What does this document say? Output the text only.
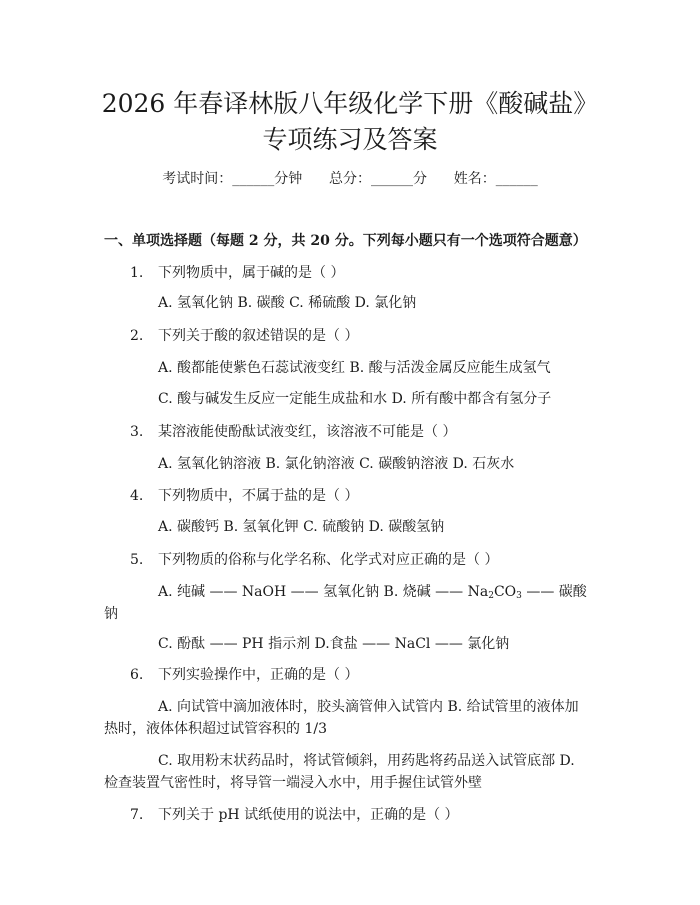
2026 年春译林版八年级化学下册《酸碱盐》
专项练习及答案
考试时间：______分钟      总分：______分      姓名：______
一、单项选择题（每题 2 分，共 20 分。下列每小题只有一个选项符合题意）
1. 下列物质中，属于碱的是（ ）
A. 氢氧化钠 B. 碳酸 C. 稀硫酸 D. 氯化钠
2. 下列关于酸的叙述错误的是（ ）
A. 酸都能使紫色石蕊试液变红 B. 酸与活泼金属反应能生成氢气
C. 酸与碱发生反应一定能生成盐和水 D. 所有酸中都含有氢分子
3. 某溶液能使酚酞试液变红，该溶液不可能是（ ）
A. 氢氧化钠溶液 B. 氯化钠溶液 C. 碳酸钠溶液 D. 石灰水
4. 下列物质中，不属于盐的是（ ）
A. 碳酸钙 B. 氢氧化钾 C. 硫酸钠 D. 碳酸氢钠
5. 下列物质的俗称与化学名称、化学式对应正确的是（ ）
A. 纯碱 —— NaOH —— 氢氧化钠 B. 烧碱 —— $Na_2CO_3$ —— 碳酸
钠
C. 酚酞 —— PH 指示剂 D.食盐 —— NaCl —— 氯化钠
6. 下列实验操作中，正确的是（ ）
A. 向试管中滴加液体时，胶头滴管伸入试管内 B. 给试管里的液体加
热时，液体体积超过试管容积的 1/3
C. 取用粉末状药品时，将试管倾斜，用药匙将药品送入试管底部 D.
检查装置气密性时，将导管一端浸入水中，用手握住试管外壁
7. 下列关于 pH 试纸使用的说法中，正确的是（ ）
